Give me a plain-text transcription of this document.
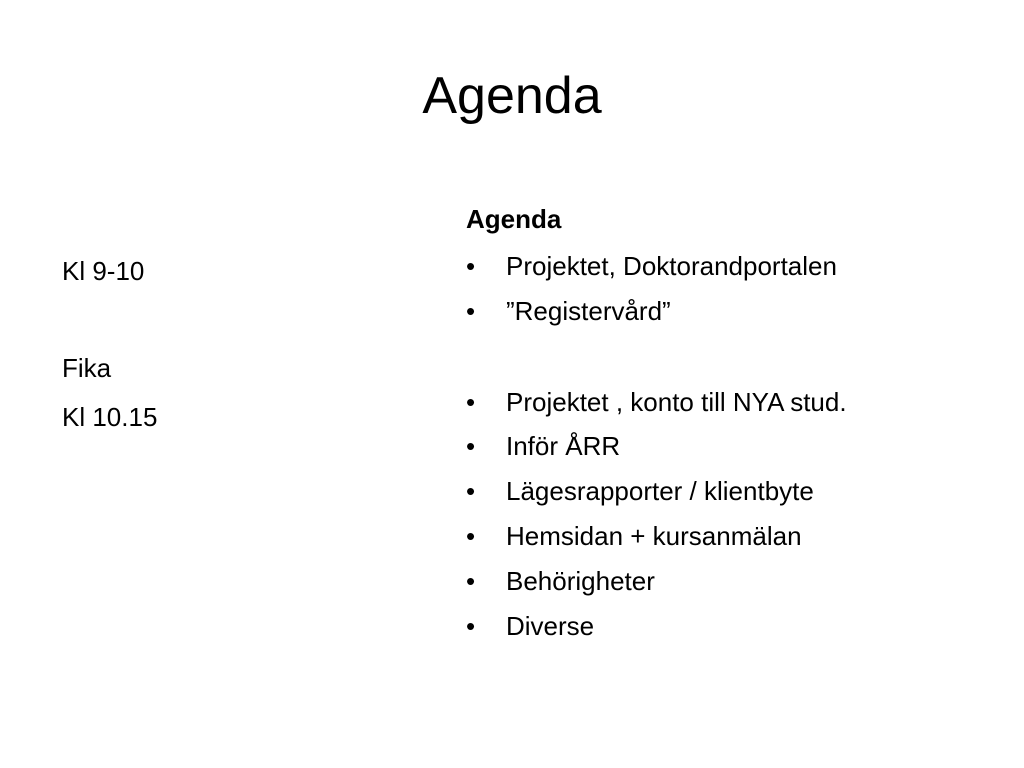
Agenda
Kl 9-10
Fika
Kl 10.15
Agenda
• Projektet, Doktorandportalen
• ”Registervård”
• Projektet , konto till NYA stud.
• Inför ÅRR
• Lägesrapporter / klientbyte
• Hemsidan + kursanmälan
• Behörigheter
• Diverse
